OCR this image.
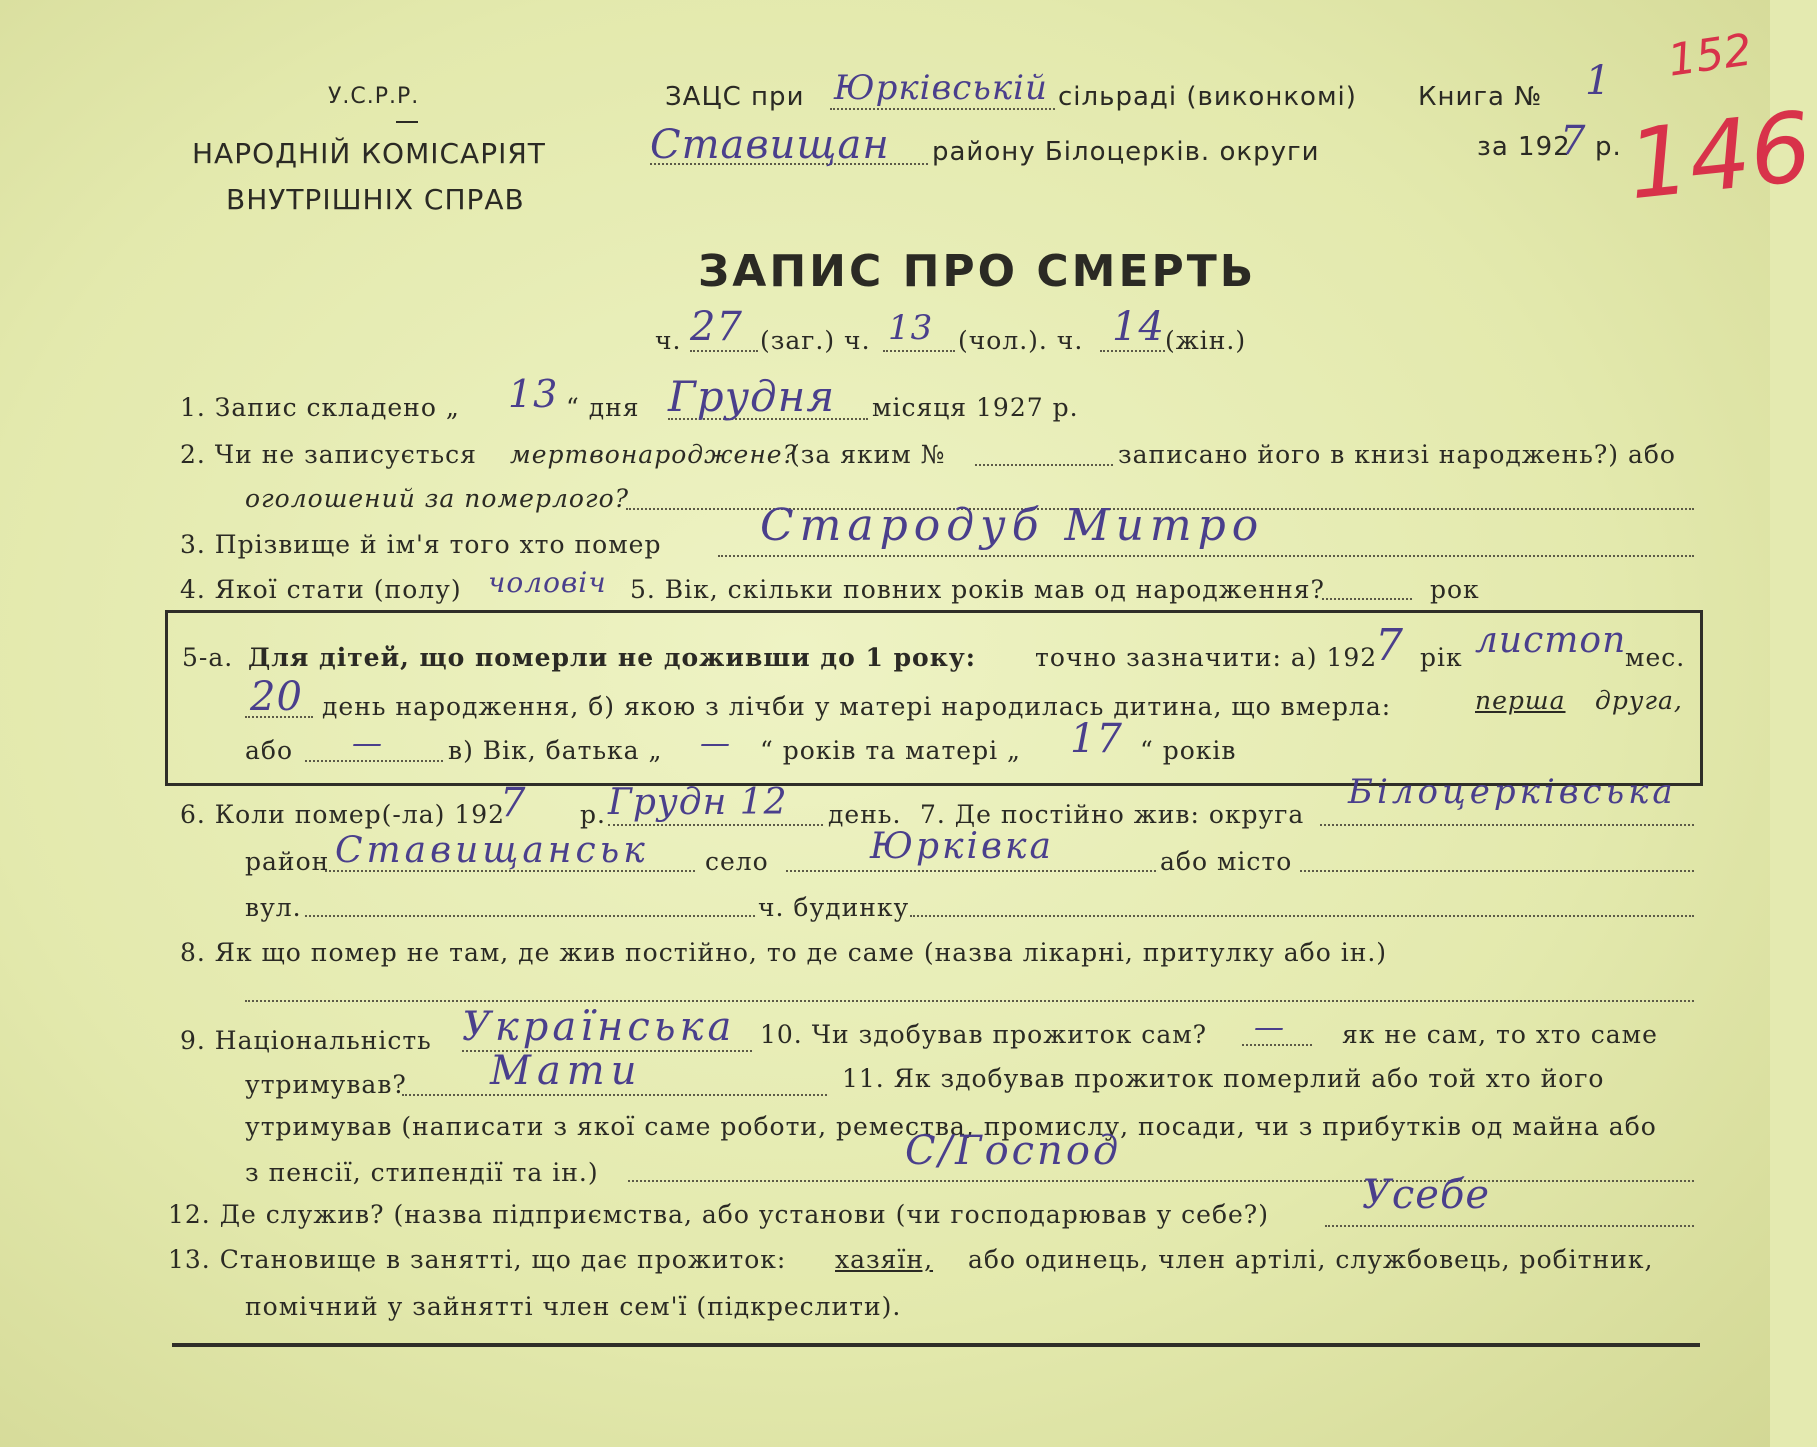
У.С.Р.Р.
НАРОДНІЙ КОМІСАРІЯТ
ВНУТРІШНІХ СПРАВ
ЗАЦС при Юрківській сільраді (виконкомі)
Ставищан району Білоцерків. округи
Книга № 1
за 192
7 р.
152
146
ЗАПИС ПРО СМЕРТЬ
ч. 27 (заг.) ч. 13 (чол.). ч. 14 (жін.)
1. Запис складено „ 13 “ дня Грудня місяця 1927 р.
2. Чи не записується мертвонароджене?
(за яким №	записано його в книзі народжень?) або
оголошений за померлого?
3. Прізвище й ім'я того хто помер Стародуб Митро
4. Якої стати (полу) чоловіч 5. Вік, скільки повних років мав од народження?	рок
5-а. Для дітей, що померли не доживши до 1 року: точно зазначити: а) 192
7 рік листоп
мес.
20 день народження, б) якою з лічби у матері народилась дитина, що вмерла:	перша друга,
або —	в) Вік, батька „ — “ років та матері „ 17 “ років
6. Коли помер(-ла) 192
7 р. Грудн 12 день. 7. Де постійно жив: округа
Білоцерківська
район Ставищанськ село	Юрківка	або місто
вул.	ч. будинку
8. Як що помер не там, де жив постійно, то де саме (назва лікарні, притулку або ін.)
9. Національність Українська 10. Чи здобував прожиток сам? — як не сам, то хто саме
утримував? Мати	11. Як здобував прожиток померлий або той хто його
утримував (написати з якої саме роботи, ремества, промислу, посади, чи з прибутків од майна або
з пенсії, стипендії та ін.)	С/Господ
12. Де служив? (назва підприємства, або установи (чи господарював у себе?) Усебе
13. Становище в занятті, що дає прожиток: хазяїн, або одинець, член артілі, службовець, робітник,
помічний у зайнятті член сем'ї (підкреслити).
